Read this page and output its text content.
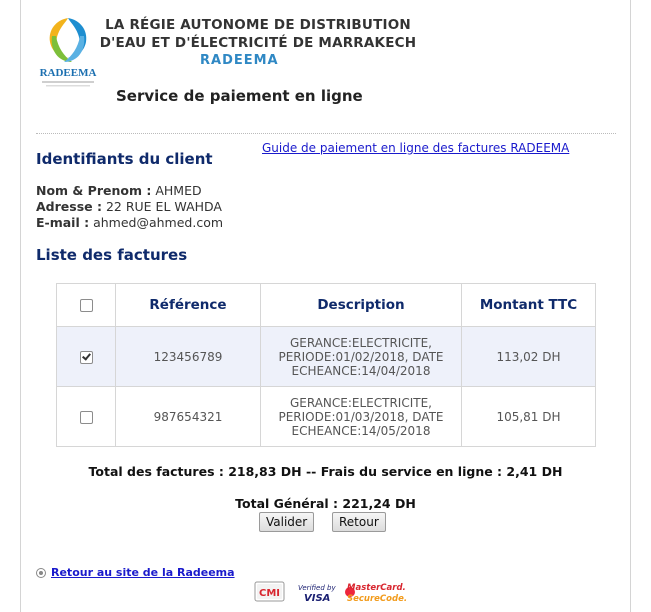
RADEEMA
LA RÉGIE AUTONOME DE DISTRIBUTION
D'EAU ET D'ÉLECTRICITÉ DE MARRAKECH
RADEEMA
Service de paiement en ligne
Guide de paiement en ligne des factures RADEEMA
Identifiants du client
Nom & Prenom : AHMED
Adresse : 22 RUE EL WAHDA
E-mail : ahmed@ahmed.com
Liste des factures
	Référence	Description	Montant TTC
	123456789	GERANCE:ELECTRICITE,
PERIODE:01/02/2018, DATE
ECHEANCE:14/04/2018	113,02 DH
	987654321	GERANCE:ELECTRICITE,
PERIODE:01/03/2018, DATE
ECHEANCE:14/05/2018	105,81 DH
Total des factures : 218,83 DH -- Frais du service en ligne : 2,41 DH
Total Général : 221,24 DH
Valider	Retour
Retour au site de la Radeema
CMI	Verified by
VISA
MasterCard.
SecureCode.
